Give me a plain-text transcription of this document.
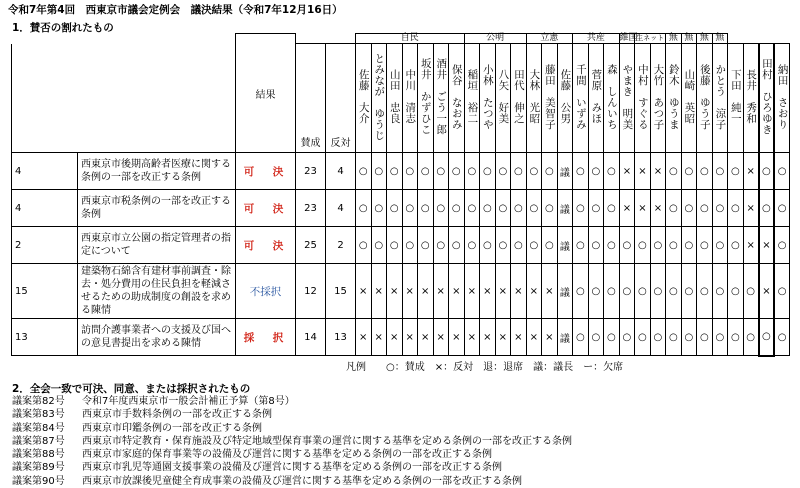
令和7年第4回　西東京市議会定例会　議決結果（令和7年12月16日）
1．賛否の割れたもの
		結果			自民							公明				立憲			共産			維国	生ネット		無	無	無	無				
			賛成	反対	佐藤　大介	とみなが　ゆうじ	山田　忠良	中川　清志	坂井　かずひこ	酒井　ごう一郎	保谷　なおみ	稲垣　裕二	小林　たつや	八矢　好美	田代　伸之	大林　光昭	藤田　美智子	佐藤　公男	千間　いずみ	菅原　みほ	森　しんいち	やまき　明美	中村　すぐる	大竹　あつ子	鈴木　ゆうま	山崎　英昭	後藤　ゆう子	かとう　涼子	下田　純一	長井　秀和	田村　ひろゆき	納田　さおり
4	西東京市後期高齢者医療に関する条例の一部を改正する条例	可　決	23	4	○	○	○	○	○	○	○	○	○	○	○	○	○	議	○	○	○	×	×	×	○	○	○	○	○	×	○	○
4	西東京市税条例の一部を改正する条例	可　決	23	4	○	○	○	○	○	○	○	○	○	○	○	○	○	議	○	○	○	×	×	×	○	○	○	○	○	×	○	○
2	西東京市立公園の指定管理者の指定について	可　決	25	2	○	○	○	○	○	○	○	○	○	○	○	○	○	議	○	○	○	○	○	○	○	○	○	○	○	×	×	○
15	建築物石綿含有建材事前調査・除去・処分費用の住民負担を軽減させるための助成制度の創設を求める陳情	不採択	12	15	×	×	×	×	×	×	×	×	×	×	×	×	×	議	○	○	○	○	○	○	○	○	○	○	○	○	×	○
13	訪問介護事業者への支援及び国への意見書提出を求める陳情	採　択	14	13	×	×	×	×	×	×	×	×	×	×	×	×	×	議	○	○	○	○	○	○	○	○	○	○	○	○	○	○
凡例　　○：賛成　×：反対　退：退席　議：議長　ー：欠席
2．全会一致で可決、同意、または採択されたもの
議案第82号	令和7年度西東京市一般会計補正予算（第8号）
議案第83号	西東京市手数料条例の一部を改正する条例
議案第84号	西東京市印鑑条例の一部を改正する条例
議案第87号	西東京市特定教育・保育施設及び特定地域型保育事業の運営に関する基準を定める条例の一部を改正する条例
議案第88号	西東京市家庭的保育事業等の設備及び運営に関する基準を定める条例の一部を改正する条例
議案第89号	西東京市乳児等通園支援事業の設備及び運営に関する基準を定める条例の一部を改正する条例
議案第90号	西東京市放課後児童健全育成事業の設備及び運営に関する基準を定める条例の一部を改正する条例
